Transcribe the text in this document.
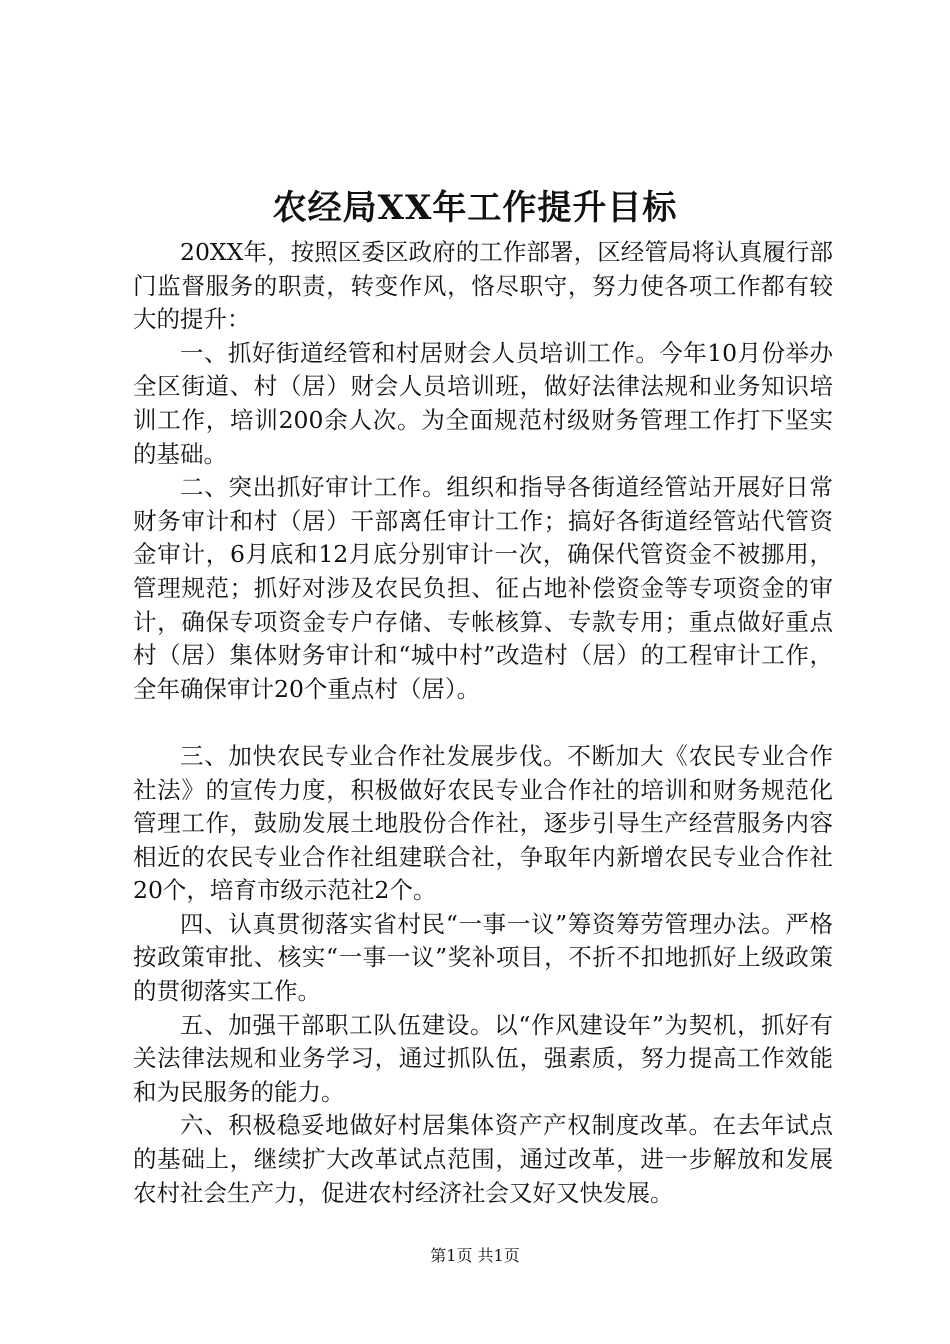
农经局XX年工作提升目标

20XX年，按照区委区政府的工作部署，区经管局将认真履行部门监督服务的职责，转变作风，恪尽职守，努力使各项工作都有较大的提升：

一、抓好街道经管和村居财会人员培训工作。今年10月份举办全区街道、村（居）财会人员培训班，做好法律法规和业务知识培训工作，培训200余人次。为全面规范村级财务管理工作打下坚实的基础。

二、突出抓好审计工作。组织和指导各街道经管站开展好日常财务审计和村（居）干部离任审计工作；搞好各街道经管站代管资金审计，6月底和12月底分别审计一次，确保代管资金不被挪用，管理规范；抓好对涉及农民负担、征占地补偿资金等专项资金的审计，确保专项资金专户存储、专帐核算、专款专用；重点做好重点村（居）集体财务审计和“城中村”改造村（居）的工程审计工作，全年确保审计20个重点村（居）。

三、加快农民专业合作社发展步伐。不断加大《农民专业合作社法》的宣传力度，积极做好农民专业合作社的培训和财务规范化管理工作，鼓励发展土地股份合作社，逐步引导生产经营服务内容相近的农民专业合作社组建联合社，争取年内新增农民专业合作社20个，培育市级示范社2个。

四、认真贯彻落实省村民“一事一议”筹资筹劳管理办法。严格按政策审批、核实“一事一议”奖补项目，不折不扣地抓好上级政策的贯彻落实工作。

五、加强干部职工队伍建设。以“作风建设年”为契机，抓好有关法律法规和业务学习，通过抓队伍，强素质，努力提高工作效能和为民服务的能力。

六、积极稳妥地做好村居集体资产产权制度改革。在去年试点的基础上，继续扩大改革试点范围，通过改革，进一步解放和发展农村社会生产力，促进农村经济社会又好又快发展。

第1页 共1页
